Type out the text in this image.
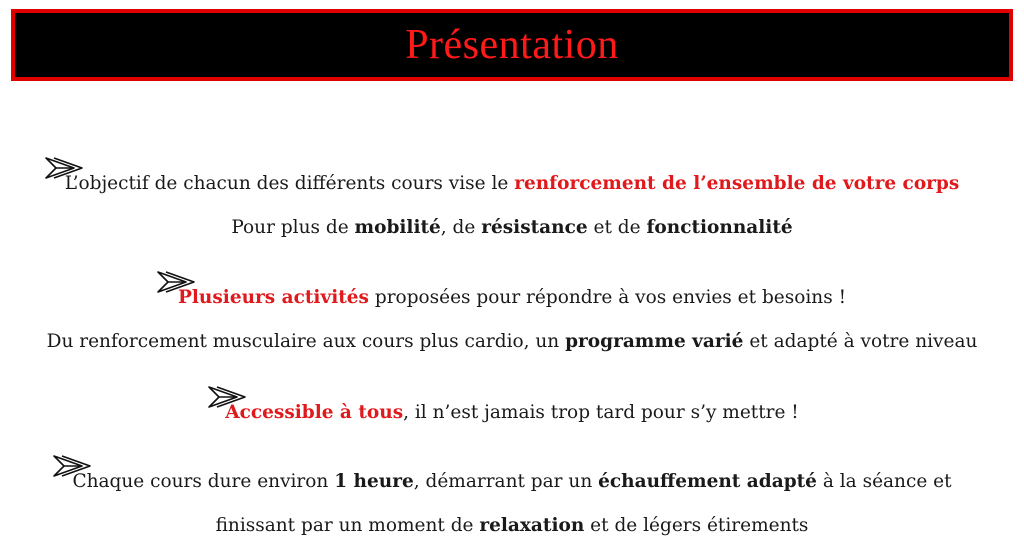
Présentation
L’objectif de chacun des différents cours vise le renforcement de l’ensemble de votre corps
Pour plus de mobilité, de résistance et de fonctionnalité
Plusieurs activités proposées pour répondre à vos envies et besoins !
Du renforcement musculaire aux cours plus cardio, un programme varié et adapté à votre niveau
Accessible à tous, il n’est jamais trop tard pour s’y mettre !
Chaque cours dure environ 1 heure, démarrant par un échauffement adapté à la séance et
finissant par un moment de relaxation et de légers étirements
